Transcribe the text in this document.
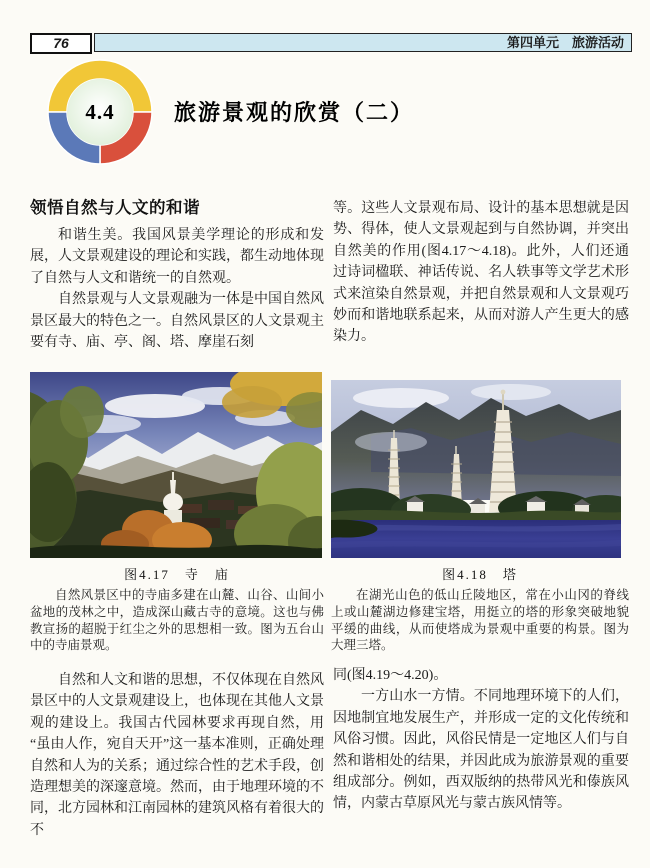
76	第四单元　旅游活动
4.4	旅游景观的欣赏（二）
领悟自然与人文的和谐

和谐生美。我国风景美学理论的形成和发展，人文景观建设的理论和实践，都生动地体现了自然与人文和谐统一的自然观。

自然景观与人文景观融为一体是中国自然风景区最大的特色之一。自然风景区的人文景观主要有寺、庙、亭、阁、塔、摩崖石刻

等。这些人文景观布局、设计的基本思想就是因势、得体，使人文景观起到与自然协调，并突出自然美的作用(图4.17～4.18)。此外，人们还通过诗词楹联、神话传说、名人轶事等文学艺术形式来渲染自然景观，并把自然景观和人文景观巧妙而和谐地联系起来，从而对游人产生更大的感染力。

图4.17　寺　庙
自然风景区中的寺庙多建在山麓、山谷、山间小盆地的茂林之中，造成深山藏古寺的意境。这也与佛教宣扬的超脱于红尘之外的思想相一致。图为五台山中的寺庙景观。
图4.18　塔
在湖光山色的低山丘陵地区，常在小山冈的脊线上或山麓湖边修建宝塔，用挺立的塔的形象突破地貌平缓的曲线，从而使塔成为景观中重要的构景。图为大理三塔。

自然和人文和谐的思想，不仅体现在自然风景区中的人文景观建设上，也体现在其他人文景观的建设上。我国古代园林要求再现自然，用“虽由人作，宛自天开”这一基本准则，正确处理自然和人为的关系；通过综合性的艺术手段，创造理想美的深邃意境。然而，由于地理环境的不同，北方园林和江南园林的建筑风格有着很大的不

同(图4.19～4.20)。

一方山水一方情。不同地理环境下的人们，因地制宜地发展生产，并形成一定的文化传统和风俗习惯。因此，风俗民情是一定地区人们与自然和谐相处的结果，并因此成为旅游景观的重要组成部分。例如，西双版纳的热带风光和傣族风情，内蒙古草原风光与蒙古族风情等。
